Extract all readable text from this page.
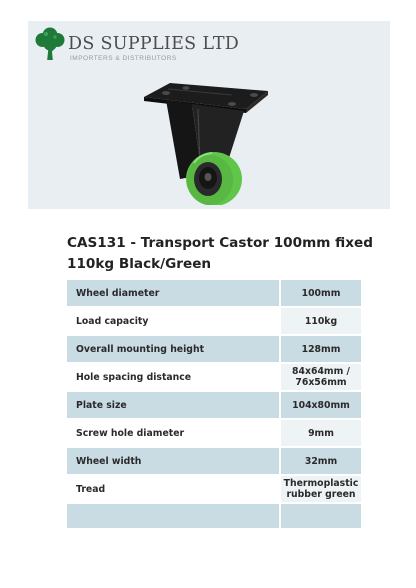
DS SUPPLIES LTD
IMPORTERS & DISTRIBUTORS
CAS131 - Transport Castor 100mm fixed 110kg Black/Green
Wheel diameter	100mm
Load capacity	110kg
Overall mounting height	128mm
Hole spacing distance	84x64mm / 76x56mm
Plate size	104x80mm
Screw hole diameter	9mm
Wheel width	32mm
Tread	Thermoplastic rubber green
